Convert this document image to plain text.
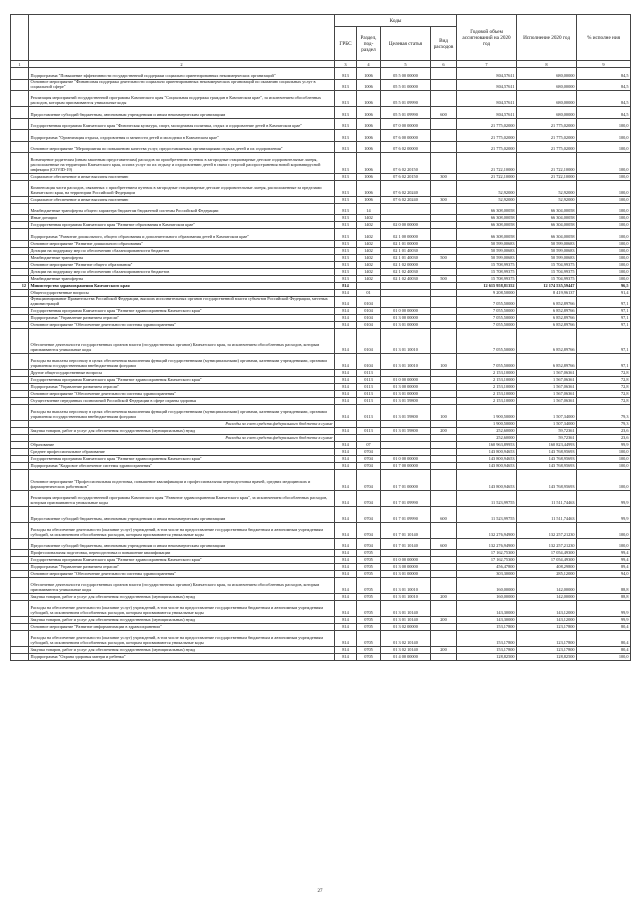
		Коды				Годовой объем ассигнований на 2020 год	Исполнение 2020 год	% исполне ния
		ГРБС	Раздел, под-раздел	Целевая статья	Вид расходов			
1	2	3	4	5	6	7	8	9
	Подпрограмма "Повышение эффективности государственной поддержки социально ориентированных некоммерческих организаций"	813	1006	05 5 00 00000		804,57611	680,00000	84,5
	Основное мероприятие "Финансовая поддержка деятельности социально ориентированных некоммерческих организаций по оказанию социальных услуг в социальной сфере"	813	1006	05 5 01 00000		804,57611	680,00000	84,5
	Реализация мероприятий государственной программы Камчатского края "Социальная поддержка граждан в Камчатском крае", за исключением обособленных расходов, которым присваиваются уникальные коды	813	1006	05 5 01 09990		804,57611	680,00000	84,5
	Предоставление субсидий бюджетным, автономным учреждениям и иным некоммерческим организациям	813	1006	05 5 01 09990	600	804,57611	680,00000	84,5
	Государственная программа Камчатского края "Физическая культура, спорт, молодежная политика, отдых и оздоровление детей в Камчатском крае"	813	1006	07 0 00 00000		21 775,02000	21 775,02000	100,0
	Подпрограмма "Организация отдыха, оздоровления и занятости детей и молодежи в Камчатском крае"	813	1006	07 6 00 00000		21 775,02000	21 775,02000	100,0
	Основное мероприятие "Мероприятия по повышению качества услуг, предоставляемых организациями отдыха детей и их оздоровления"	813	1006	07 6 02 00000		21 775,02000	21 775,02000	100,0
	Возмещение родителям (иным законным представителям) расходов по приобретению путевок в загородные стационарные детские оздоровительные лагеря, расположенные на территории Камчатского края, оплата услуг по их отдыху и оздоровлению детей в связи с угрозой распространения новой коронавирусной инфекции (COVID-19)	813	1006	07 6 02 20150		21 722,10000	21 722,10000	100,0
	Социальное обеспечение и иные выплаты населению	813	1006	07 6 02 20150	300	21 722,10000	21 722,10000	100,0
	Компенсация части расходов, связанных с приобретением путевок в загородные стационарные детские оздоровительные лагеря, расположенные за пределами Камчатского края, на территории Российской Федерации	813	1006	07 6 02 20240		52,92000	52,92000	100,0
	Социальное обеспечение и иные выплаты населению	813	1006	07 6 02 20240	300	52,92000	52,92000	100,0
	Межбюджетные трансферты общего характера бюджетам бюджетной системы Российской Федерации	813	14			66 308,00058	66 304,00058	100,0
	Иные дотации	813	1402			66 308,00058	66 304,00058	100,0
	Государственная программа Камчатского края "Развитие образования в Камчатском крае"	813	1402	02 0 00 00000		66 308,00058	66 304,00058	100,0
	Подпрограмма "Развитие дошкольного, общего образования и дополнительного образования детей в Камчатском крае"	813	1402	02 1 00 00000		66 308,00058	66 304,00058	100,0
	Основное мероприятие "Развитие дошкольного образования"	813	1402	02 1 01 00000		50 599,00683	50 599,00683	100,0
	Дотации на поддержку мер по обеспечению сбалансированности бюджетов	813	1402	02 1 01 40030		50 599,00683	50 599,00683	100,0
	Межбюджетные трансферты	813	1402	02 1 01 40030	500	50 599,00683	50 599,00683	100,0
	Основное мероприятие "Развитие общего образования"	813	1402	02 1 02 00000		15 708,99375	15 704,99375	100,0
	Дотации на поддержку мер по обеспечению сбалансированности бюджетов	813	1402	02 1 02 40030		15 708,99375	15 704,99375	100,0
	Межбюджетные трансферты	813	1402	02 1 02 40030	500	15 708,99375	15 704,99375	100,0
12	Министерство здравоохранения Камчатского края	814				12 615 958,81352	12 174 535,59447	96,5
	Общегосударственные вопросы	814	01			9 208,50000	8 419,96137	91,4
	Функционирование Правительства Российской Федерации, высших исполнительных органов государственной власти субъектов Российской Федерации, местных администраций	814	0104			7 055,50000	6 852,89766	97,1
	Государственная программа Камчатского края "Развитие здравоохранения Камчатского края"	814	0104	01 0 00 00000		7 055,50000	6 852,89766	97,1
	Подпрограмма "Управление развитием отрасли"	814	0104	01 3 00 00000		7 055,50000	6 852,89766	97,1
	Основное мероприятие "Обеспечение деятельности системы здравоохранения"	814	0104	01 3 01 00000		7 055,50000	6 852,89766	97,1
	Обеспечение деятельности государственных органов власти (государственных органов) Камчатского края, за исключением обособленных расходов, которым присваиваются уникальные коды	814	0104	01 3 01 10010		7 055,50000	6 852,89766	97,1
	Расходы на выплаты персоналу в целях обеспечения выполнения функций государственными (муниципальными) органами, казенными учреждениями, органами управления государственными внебюджетными фондами	814	0104	01 3 01 10010	100	7 055,50000	6 852,89766	97,1
	Другие общегосударственные вопросы	814	0113			2 153,10000	1 567,06361	72,8
	Государственная программа Камчатского края "Развитие здравоохранения Камчатского края"	814	0113	01 0 00 00000		2 153,10000	1 567,06361	72,8
	Подпрограмма "Управление развитием отрасли"	814	0113	01 3 00 00000		2 153,10000	1 567,06361	72,8
	Основное мероприятие "Обеспечение деятельности системы здравоохранения"	814	0113	01 3 01 00000		2 153,10000	1 567,06361	72,8
	Осуществление переданных полномочий Российской Федерации в сфере охраны здоровья	814	0113	01 3 01 59800		2 153,10000	1 567,06361	72,8
	Расходы на выплаты персоналу в целях обеспечения выполнения функций государственными (муниципальными) органами, казенными учреждениями, органами управления государственными внебюджетными фондами	814	0113	01 3 01 59800	100	1 900,50000	1 507,34000	79,3
	Расходы за счет средств федерального бюджета в сумме					1 900,50000	1 507,34000	79,3
	Закупка товаров, работ и услуг для обеспечения государственных (муниципальных) нужд	814	0113	01 3 01 59800	200	252,60000	59,72361	23,6
	Расходы за счет средств федерального бюджета в сумме					252,60000	59,72361	23,6
	Образование	814	07			160 963,89953	160 823,44993	99,9
	Среднее профессиональное образование	814	0704			143 800,94653	143 768,95693	100,0
	Государственная программа Камчатского края "Развитие здравоохранения Камчатского края"	814	0704	01 0 00 00000		143 800,94653	143 768,95693	100,0
	Подпрограмма "Кадровое обеспечение системы здравоохранения"	814	0704	01 7 00 00000		143 800,94653	143 768,95693	100,0
	Основное мероприятие "Профессиональная подготовка, повышение квалификации и профессиональная переподготовка врачей, средних медицинских и фармацевтических работников"	814	0704	01 7 01 00000		143 800,94653	143 768,95693	100,0
	Реализация мероприятий государственной программы Камчатского края "Развитие здравоохранения Камчатского края", за исключением обособленных расходов, которым присваиваются уникальные коды	814	0704	01 7 01 09990		11 523,99755	11 511,74463	99,9
	Предоставление субсидий бюджетным, автономным учреждениям и иным некоммерческим организациям	814	0704	01 7 01 09990	600	11 523,99755	11 511,74463	99,9
	Расходы на обеспечение деятельности (оказание услуг) учреждений, в том числе на предоставление государственным бюджетным и автономным учреждениям субсидий, за исключением обособленных расходов, которым присваиваются уникальные коды	814	0704	01 7 01 10140		132 276,94900	132 257,21230	100,0
	Предоставление субсидий бюджетным, автономным учреждениям и иным некоммерческим организациям	814	0704	01 7 01 10140	600	132 276,94900	132 257,21230	100,0
	Профессиональная подготовка, переподготовка и повышение квалификации	814	0705			17 162,75300	17 054,49300	99,4
	Государственная программа Камчатского края "Развитие здравоохранения Камчатского края"	814	0705	01 0 00 00000		17 162,75300	17 054,49300	99,4
	Подпрограмма "Управление развитием отрасли"	814	0705	01 3 00 00000		456,47800	408,29800	89,4
	Основное мероприятие "Обеспечение деятельности системы здравоохранения"	814	0705	01 3 01 00000		303,30000	285,12000	94,0
	Обеспечение деятельности государственных органов власти (государственных органов) Камчатского края, за исключением обособленных расходов, которым присваиваются уникальные коды	814	0705	01 3 01 10010		160,00000	142,00000	88,8
	Закупка товаров, работ и услуг для обеспечения государственных (муниципальных) нужд	814	0705	01 3 01 10010	200	160,00000	142,00000	88,8
	Расходы на обеспечение деятельности (оказание услуг) учреждений, в том числе на предоставление государственным бюджетным и автономным учреждениям субсидий, за исключением обособленных расходов, которым присваиваются уникальные коды	814	0705	01 3 01 10140		143,30000	143,12000	99,9
	Закупка товаров, работ и услуг для обеспечения государственных (муниципальных) нужд	814	0705	01 3 01 10140	200	143,30000	143,12000	99,9
	Основное мероприятие "Развитие информатизации в здравоохранении"	814	0705	01 3 02 00000		153,17800	123,17800	80,4
	Расходы на обеспечение деятельности (оказание услуг) учреждений, в том числе на предоставление государственным бюджетным и автономным учреждениям субсидий, за исключением обособленных расходов, которым присваиваются уникальные коды	814	0705	01 3 02 10140		153,17800	123,17800	80,4
	Закупка товаров, работ и услуг для обеспечения государственных (муниципальных) нужд	814	0705	01 3 02 10140	200	153,17800	123,17800	80,4
	Подпрограмма "Охрана здоровья матери и ребенка"	814	0705	01 4 00 00000		128,82500	128,82500	100,0
27
